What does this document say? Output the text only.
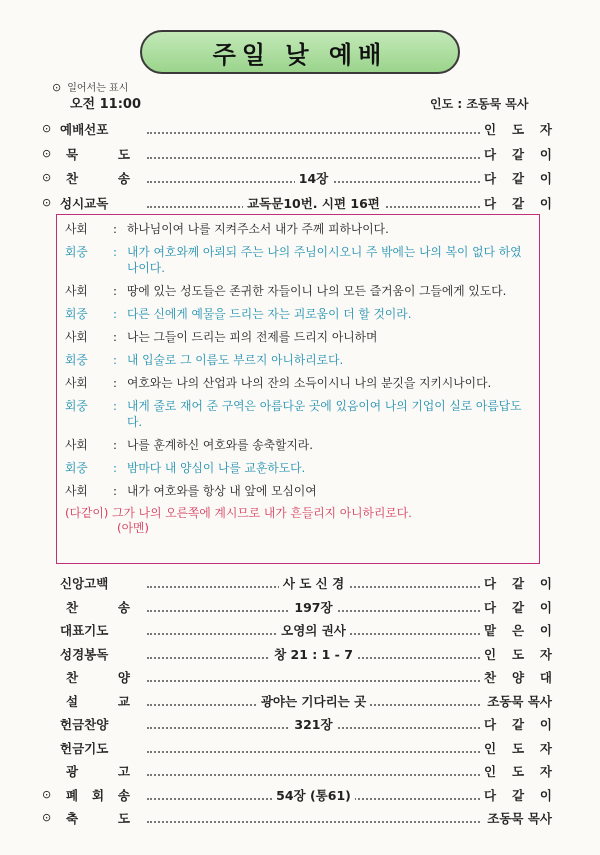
주일 낮 예배
⊙ 일어서는 표시
오전 11:00	인도 : 조동묵 목사
⊙ 예배선포	인 도 자
⊙ 묵	도	다 같 이
⊙ 찬	송	14장	다 같 이
⊙ 성시교독	교독문10번. 시편 16편	다 같 이
사회	: 하나님이여 나를 지켜주소서 내가 주께 피하나이다.
회중	: 내가 여호와께 아뢰되 주는 나의 주님이시오니 주 밖에는 나의 복이 없다 하였나이다.
사회	: 땅에 있는 성도들은 존귀한 자들이니 나의 모든 즐거움이 그들에게 있도다.
회중	: 다른 신에게 예물을 드리는 자는 괴로움이 더 할 것이라.
사회	: 나는 그들이 드리는 피의 전제를 드리지 아니하며
회중	: 내 입술로 그 이름도 부르지 아니하리로다.
사회	: 여호와는 나의 산업과 나의 잔의 소득이시니 나의 분깃을 지키시나이다.
회중	: 내게 줄로 재어 준 구역은 아름다운 곳에 있음이여 나의 기업이 실로 아름답도다.
사회	: 나를 훈계하신 여호와를 송축할지라.
회중	: 밤마다 내 양심이 나를 교훈하도다.
사회	: 내가 여호와를 항상 내 앞에 모심이여
(다같이) 그가 나의 오른쪽에 계시므로 내가 흔들리지 아니하리로다.
(아멘)
신앙고백	사 도 신 경	다 같 이
찬	송	197장	다 같 이
대표기도	오영의 권사	맡 은 이
성경봉독	창 21 : 1 - 7	인 도 자
찬	양	찬 양 대
설	교	광야는 기다리는 곳	조동묵 목사
헌금찬양	321장	다 같 이
헌금기도	인 도 자
광	고	인 도 자
⊙ 폐 회 송	54장 (통61)	다 같 이
⊙ 축	도	조동묵 목사
